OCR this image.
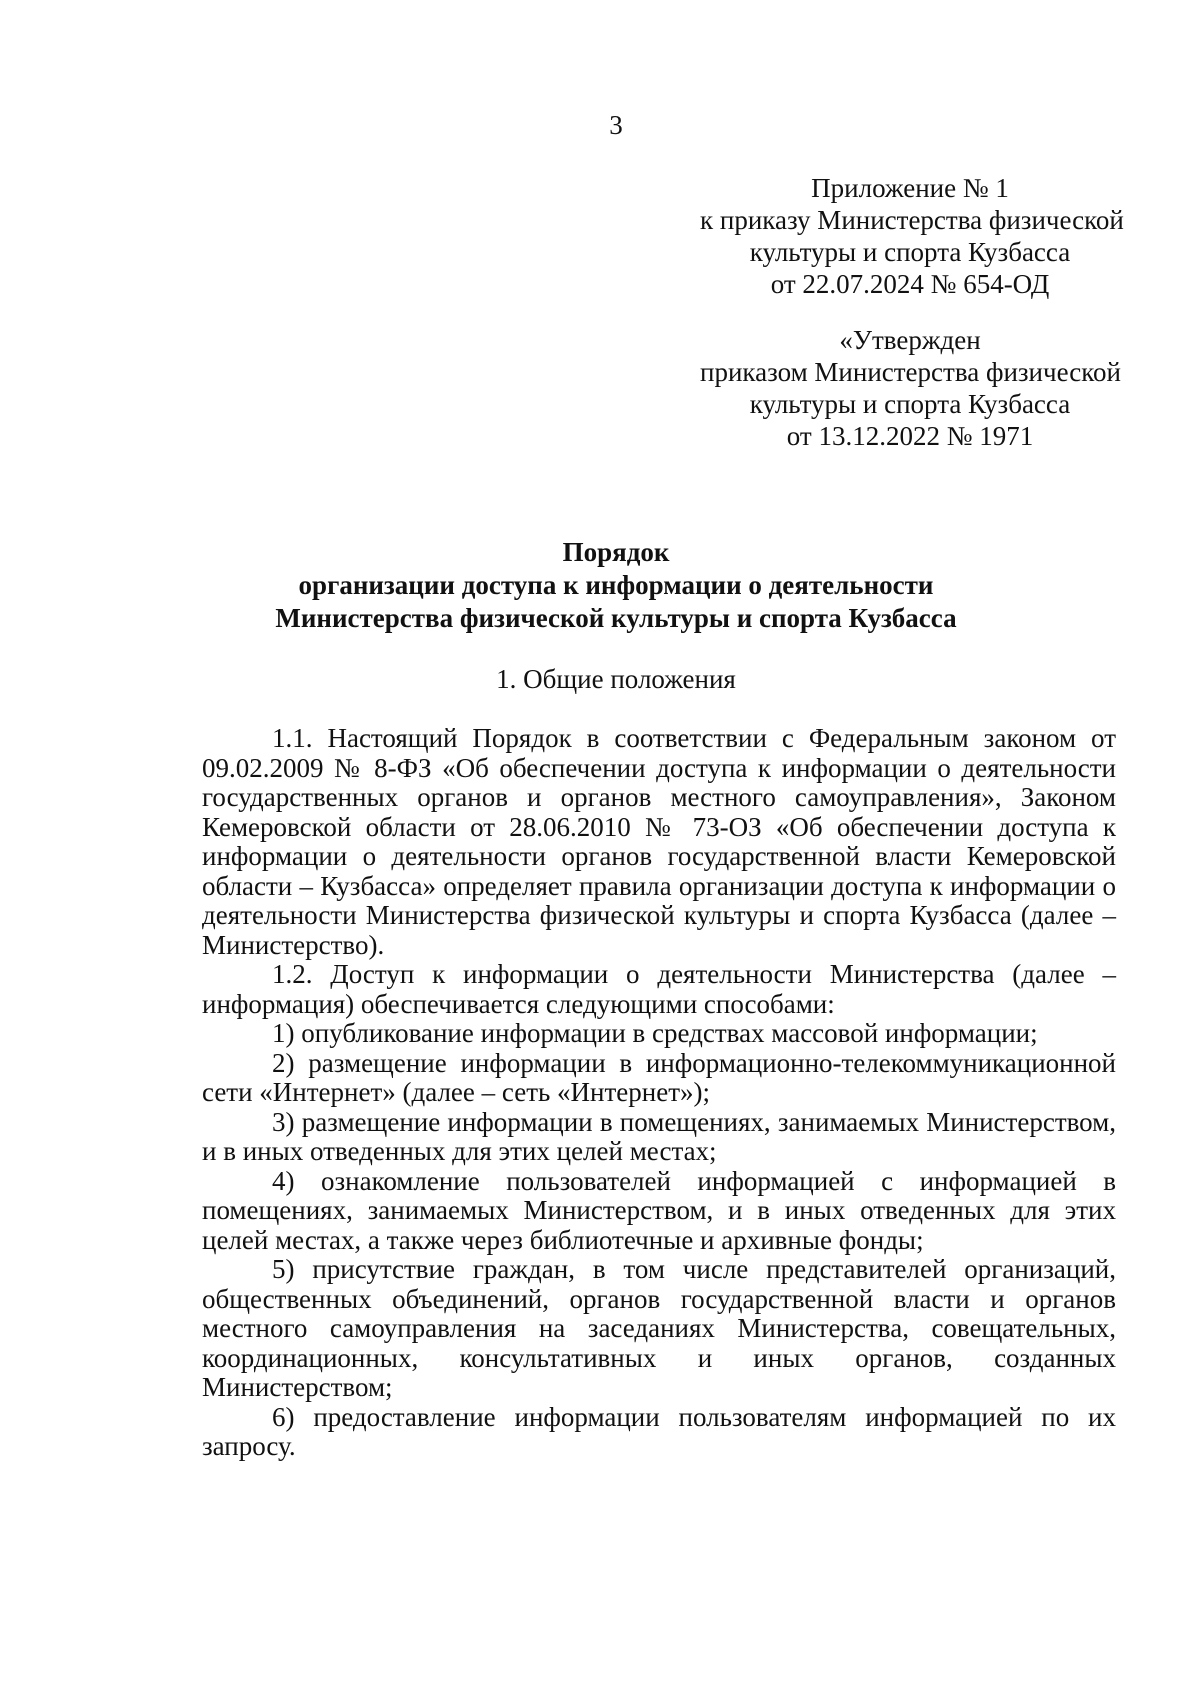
3
Приложение № 1
к приказу Министерства физической
культуры и спорта Кузбасса
от 22.07.2024 № 654-ОД
«Утвержден
приказом Министерства физической
культуры и спорта Кузбасса
от 13.12.2022 № 1971
Порядок
организации доступа к информации о деятельности
Министерства физической культуры и спорта Кузбасса
1. Общие положения

1.1. Настоящий Порядок в соответствии с Федеральным законом от 09.02.2009 № 8-ФЗ «Об обеспечении доступа к информации о деятельности государственных органов и органов местного самоуправления», Законом Кемеровской области от 28.06.2010 № 73-ОЗ «Об обеспечении доступа к информации о деятельности органов государственной власти Кемеровской области – Кузбасса» определяет правила организации доступа к информации о деятельности Министерства физической культуры и спорта Кузбасса (далее – Министерство).

1.2. Доступ к информации о деятельности Министерства (далее – информация) обеспечивается следующими способами:

1) опубликование информации в средствах массовой информации;

2) размещение информации в информационно-телекоммуникационной сети «Интернет» (далее – сеть «Интернет»);

3) размещение информации в помещениях, занимаемых Министерством, и в иных отведенных для этих целей местах;

4) ознакомление пользователей информацией с информацией в помещениях, занимаемых Министерством, и в иных отведенных для этих целей местах, а также через библиотечные и архивные фонды;

5) присутствие граждан, в том числе представителей организаций, общественных объединений, органов государственной власти и органов местного самоуправления на заседаниях Министерства, совещательных, координационных, консультативных и иных органов, созданных Министерством;

6) предоставление информации пользователям информацией по их запросу.
